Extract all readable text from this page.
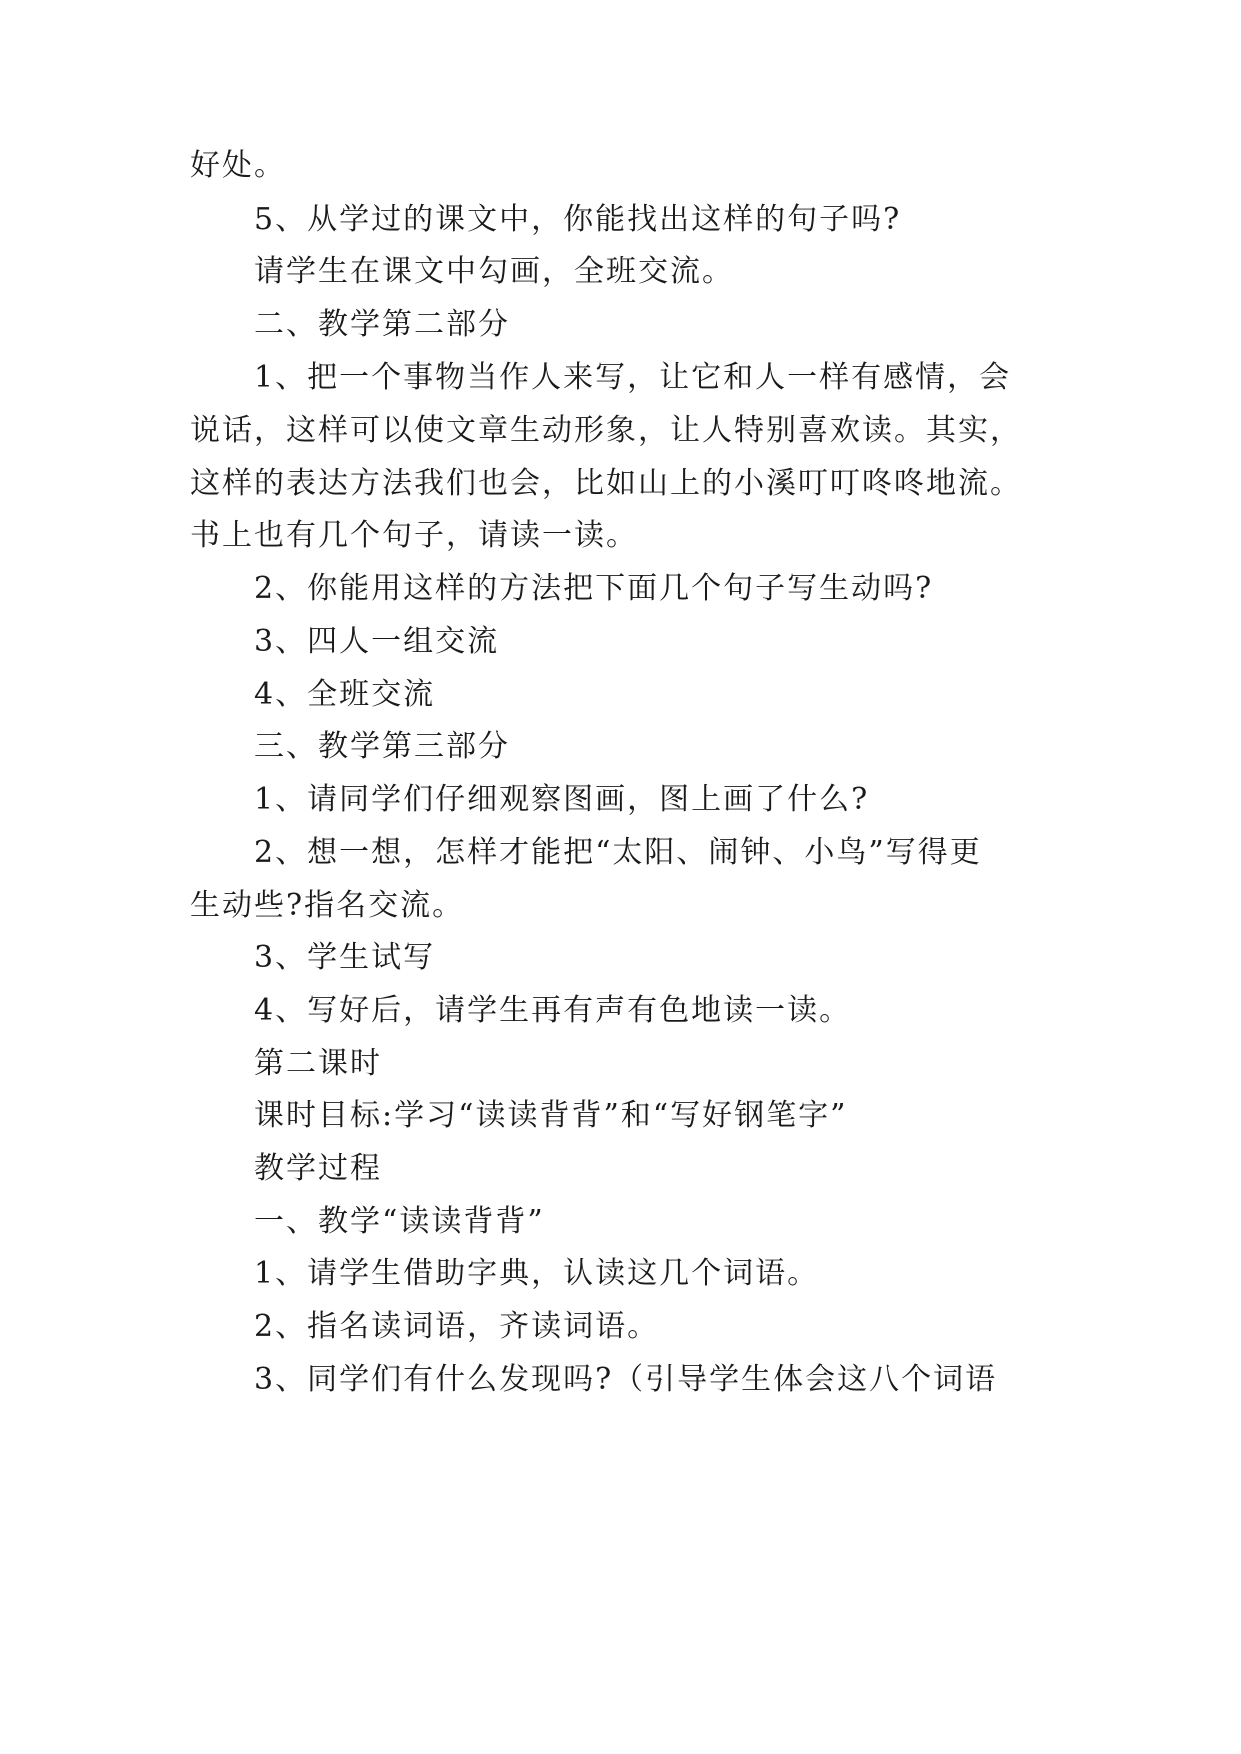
好处。
5、从学过的课文中，你能找出这样的句子吗?
请学生在课文中勾画，全班交流。
二、教学第二部分
1、把一个事物当作人来写，让它和人一样有感情，会
说话，这样可以使文章生动形象，让人特别喜欢读。其实，
这样的表达方法我们也会，比如山上的小溪叮叮咚咚地流。
书上也有几个句子，请读一读。
2、你能用这样的方法把下面几个句子写生动吗?
3、四人一组交流
4、全班交流
三、教学第三部分
1、请同学们仔细观察图画，图上画了什么?
2、想一想，怎样才能把“太阳、闹钟、小鸟”写得更
生动些?指名交流。
3、学生试写
4、写好后，请学生再有声有色地读一读。
第二课时
课时目标:学习“读读背背”和“写好钢笔字”
教学过程
一、教学“读读背背”
1、请学生借助字典，认读这几个词语。
2、指名读词语，齐读词语。
3、同学们有什么发现吗?（引导学生体会这八个词语
